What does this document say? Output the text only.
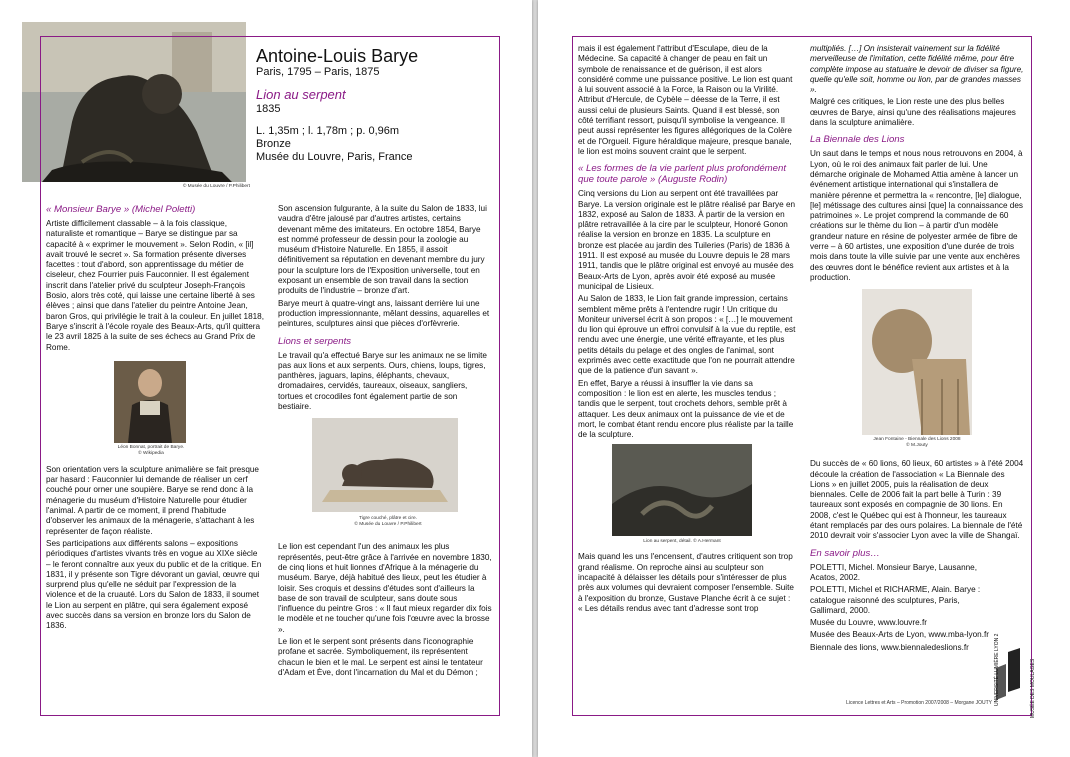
© Musée du Louvre / P.Philibert
Antoine-Louis Barye
Paris, 1795 – Paris, 1875
Lion au serpent
1835
L. 1,35m ; l. 1,78m ; p. 0,96m
Bronze
Musée du Louvre, Paris, France
« Monsieur Barye » (Michel Poletti)

Artiste difficilement classable – à la fois classique, naturaliste et romantique – Barye se distingue par sa capacité à « exprimer le mouvement ». Selon Rodin, « [il] avait trouvé le secret ». Sa formation présente diverses facettes : tout d'abord, son apprentissage du métier de ciseleur, chez Fourrier puis Fauconnier. Il est également inscrit dans l'atelier privé du sculpteur Joseph-François Bosio, alors très coté, qui laisse une certaine liberté à ses élèves ; ainsi que dans l'atelier du peintre Antoine Jean, baron Gros, qui privilégie le trait à la couleur. En juillet 1818, Barye s'inscrit à l'école royale des Beaux-Arts, qu'il quittera le 23 avril 1825 à la suite de ses échecs au Grand Prix de Rome.

Léon Bonnat, portrait de Barye.
© Wikipedia

Son orientation vers la sculpture animalière se fait presque par hasard : Fauconnier lui demande de réaliser un cerf couché pour orner une soupière. Barye se rend donc à la ménagerie du muséum d'Histoire Naturelle pour étudier l'animal. A partir de ce moment, il prend l'habitude d'observer les animaux de la ménagerie, s'attachant à les représenter de façon réaliste.

Ses participations aux différents salons – expositions périodiques d'artistes vivants très en vogue au XIXe siècle – le feront connaître aux yeux du public et de la critique. En 1831, il y présente son Tigre dévorant un gavial, œuvre qui surprend plus qu'elle ne séduit par l'expression de la violence et de la cruauté. Lors du Salon de 1833, il soumet le Lion au serpent en plâtre, qui sera également exposé avec succès dans sa version en bronze lors du Salon de 1836.

Son ascension fulgurante, à la suite du Salon de 1833, lui vaudra d'être jalousé par d'autres artistes, certains devenant même des imitateurs. En octobre 1854, Barye est nommé professeur de dessin pour la zoologie au muséum d'Histoire Naturelle. En 1855, il assoit définitivement sa réputation en devenant membre du jury pour la sculpture lors de l'Exposition universelle, tout en exposant un ensemble de son travail dans la section produits de l'industrie – bronze d'art.

Barye meurt à quatre-vingt ans, laissant derrière lui une production impressionnante, mêlant dessins, aquarelles et peintures, sculptures ainsi que pièces d'orfèvrerie.

Lions et serpents

Le travail qu'a effectué Barye sur les animaux ne se limite pas aux lions et aux serpents. Ours, chiens, loups, tigres, panthères, jaguars, lapins, éléphants, chevaux, dromadaires, cervidés, taureaux, oiseaux, sangliers, tortues et crocodiles font également partie de son bestiaire.

Tigre couché, plâtre et cire.
© Musée du Louvre / P.Philibert

Le lion est cependant l'un des animaux les plus représentés, peut-être grâce à l'arrivée en novembre 1830, de cinq lions et huit lionnes d'Afrique à la ménagerie du muséum. Barye, déjà habitué des lieux, peut les étudier à loisir. Ses croquis et dessins d'études sont d'ailleurs la base de son travail de sculpteur, sans doute sous l'influence du peintre Gros : « Il faut mieux regarder dix fois le modèle et ne toucher qu'une fois l'œuvre avec la brosse ».

Le lion et le serpent sont présents dans l'iconographie profane et sacrée. Symboliquement, ils représentent chacun le bien et le mal. Le serpent est ainsi le tentateur d'Adam et Ève, dont l'incarnation du Mal et du Démon ;

mais il est également l'attribut d'Esculape, dieu de la Médecine. Sa capacité à changer de peau en fait un symbole de renaissance et de guérison, il est alors considéré comme une puissance positive. Le lion est quant à lui souvent associé à la Force, la Raison ou la Virilité. Attribut d'Hercule, de Cybèle – déesse de la Terre, il est aussi celui de plusieurs Saints. Quand il est blessé, son côté terrifiant ressort, puisqu'il symbolise la vengeance. Il peut aussi représenter les figures allégoriques de la Colère et de l'Orgueil. Figure héraldique majeure, presque banale, le lion est moins souvent craint que le serpent.

« Les formes de la vie parlent plus profondément que toute parole » (Auguste Rodin)

Cinq versions du Lion au serpent ont été travaillées par Barye. La version originale est le plâtre réalisé par Barye en 1832, exposé au Salon de 1833. À partir de la version en plâtre retravaillée à la cire par le sculpteur, Honoré Gonon réalise la version en bronze en 1835. La sculpture en bronze est placée au jardin des Tuileries (Paris) de 1836 à 1911. Il est exposé au musée du Louvre depuis le 28 mars 1911, tandis que le plâtre original est envoyé au musée des Beaux-Arts de Lyon, après avoir été exposé au musée municipal de Lisieux.

Au Salon de 1833, le Lion fait grande impression, certains semblent même prêts à l'entendre rugir ! Un critique du Moniteur universel écrit à son propos : « […] le mouvement du lion qui éprouve un effroi convulsif à la vue du reptile, est rendu avec une énergie, une vérité effrayante, et les plus petits détails du pelage et des ongles de l'animal, sont exprimés avec cette exactitude que l'on ne pourrait attendre que de la patience d'un savant ».

En effet, Barye a réussi à insuffler la vie dans sa composition : le lion est en alerte, les muscles tendus ; tandis que le serpent, tout crochets dehors, semble prêt à attaquer. Les deux animaux ont la puissance de vie et de mort, le combat étant rendu encore plus réaliste par la taille de la sculpture.

Lion au serpent, détail. © A.Hermant

Mais quand les uns l'encensent, d'autres critiquent son trop grand réalisme. On reproche ainsi au sculpteur son incapacité à délaisser les détails pour s'intéresser de plus près aux volumes qui devraient composer l'ensemble. Suite à l'exposition du bronze, Gustave Planche écrit à ce sujet : « Les détails rendus avec tant d'adresse sont trop

multipliés. […] On insisterait vainement sur la fidélité merveilleuse de l'imitation, cette fidélité même, pour être complète impose au statuaire le devoir de diviser sa figure, quelle qu'elle soit, homme ou lion, par de grandes masses ».

Malgré ces critiques, le Lion reste une des plus belles œuvres de Barye, ainsi qu'une des réalisations majeures dans la sculpture animalière.

La Biennale des Lions

Un saut dans le temps et nous nous retrouvons en 2004, à Lyon, où le roi des animaux fait parler de lui. Une démarche originale de Mohamed Attia amène à lancer un événement artistique international qui s'installera de manière pérenne et permettra la « rencontre, [le] dialogue, [le] métissage des cultures ainsi [que] la connaissance des patrimoines ». Le projet comprend la commande de 60 créations sur le thème du lion – à partir d'un modèle grandeur nature en résine de polyester armée de fibre de verre – à 60 artistes, une exposition d'une durée de trois mois dans toute la ville suivie par une vente aux enchères des œuvres dont le bénéfice revient aux artistes et à la production.

Jean Fontaine - Biennale des Lions 2008
© M.Jouty

Du succès de « 60 lions, 60 lieux, 60 artistes » à l'été 2004 découle la création de l'association « La Biennale des Lions » en juillet 2005, puis la réalisation de deux biennales. Celle de 2006 fait la part belle à Turin : 39 taureaux sont exposés en compagnie de 30 lions. En 2008, c'est le Québec qui est à l'honneur, les taureaux étant remplacés par des ours polaires. La biennale de l'été 2010 devrait voir s'associer Lyon avec la ville de Shangaï.

En savoir plus…

POLETTI, Michel. Monsieur Barye, Lausanne, Acatos, 2002.

POLETTI, Michel et RICHARME, Alain. Barye : catalogue raisonné des sculptures, Paris, Gallimard, 2000.

Musée du Louvre, www.louvre.fr

Musée des Beaux-Arts de Lyon, www.mba-lyon.fr

Biennale des lions, www.biennaledeslions.fr

Licence Lettres et Arts – Promotion 2007/2008 – Morgane JOUTY UNIVERSITÉ LUMIÈRE LYON 2	MUSÉE DES MOULAGES
